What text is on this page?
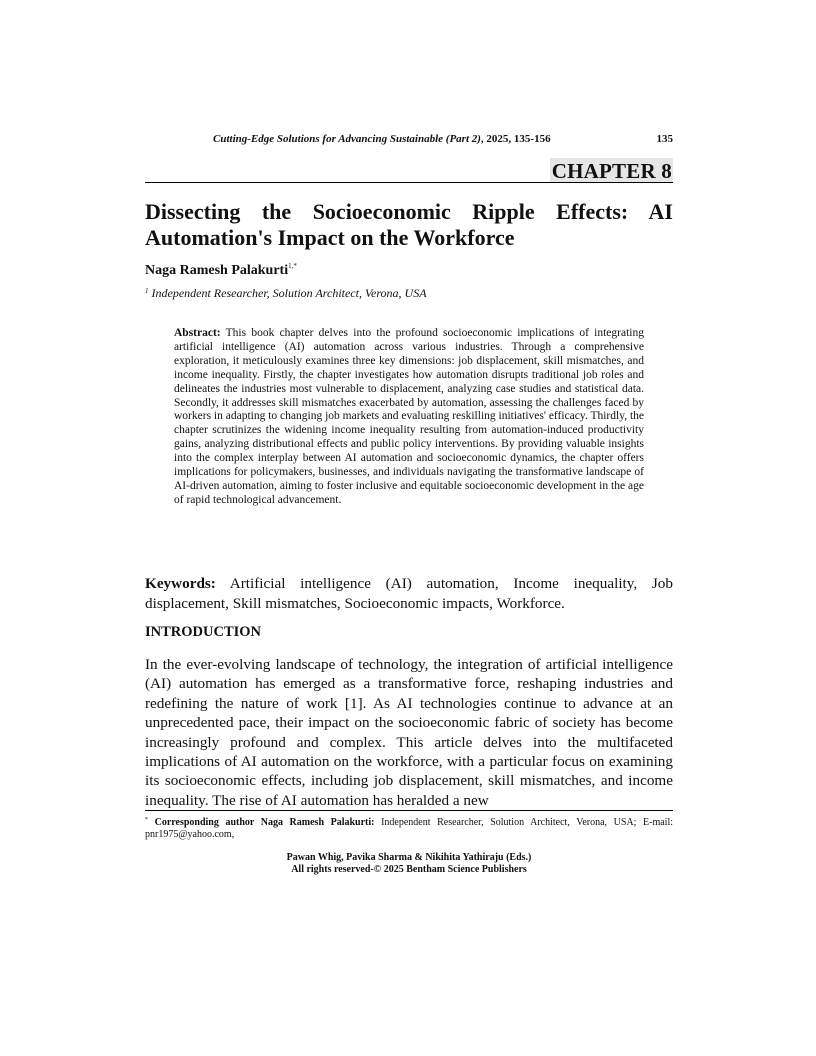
Cutting-Edge Solutions for Advancing Sustainable (Part 2), 2025, 135-156	135
CHAPTER 8
Dissecting the Socioeconomic Ripple Effects: AI Automation's Impact on the Workforce
Naga Ramesh Palakurti$^{1,*}$
$^1$ Independent Researcher, Solution Architect, Verona, USA

Abstract: This book chapter delves into the profound socioeconomic implications of integrating artificial intelligence (AI) automation across various industries. Through a comprehensive exploration, it meticulously examines three key dimensions: job displacement, skill mismatches, and income inequality. Firstly, the chapter investigates how automation disrupts traditional job roles and delineates the industries most vulnerable to displacement, analyzing case studies and statistical data. Secondly, it addresses skill mismatches exacerbated by automation, assessing the challenges faced by workers in adapting to changing job markets and evaluating reskilling initiatives' efficacy. Thirdly, the chapter scrutinizes the widening income inequality resulting from automation-induced productivity gains, analyzing distributional effects and public policy interventions. By providing valuable insights into the complex interplay between AI automation and socioeconomic dynamics, the chapter offers implications for policymakers, businesses, and individuals navigating the transformative landscape of AI-driven automation, aiming to foster inclusive and equitable socioeconomic development in the age of rapid technological advancement.

Keywords: Artificial intelligence (AI) automation, Income inequality, Job displacement, Skill mismatches, Socioeconomic impacts, Workforce.

INTRODUCTION

In the ever-evolving landscape of technology, the integration of artificial intelligence (AI) automation has emerged as a transformative force, reshaping industries and redefining the nature of work [1]. As AI technologies continue to advance at an unprecedented pace, their impact on the socioeconomic fabric of society has become increasingly profound and complex. This article delves into the multifaceted implications of AI automation on the workforce, with a particular focus on examining its socioeconomic effects, including job displacement, skill mismatches, and income inequality. The rise of AI automation has heralded a new

* Corresponding author Naga Ramesh Palakurti: Independent Researcher, Solution Architect, Verona, USA; E-mail: pnr1975@yahoo.com,

Pawan Whig, Pavika Sharma & Nikihita Yathiraju (Eds.)
All rights reserved-© 2025 Bentham Science Publishers
